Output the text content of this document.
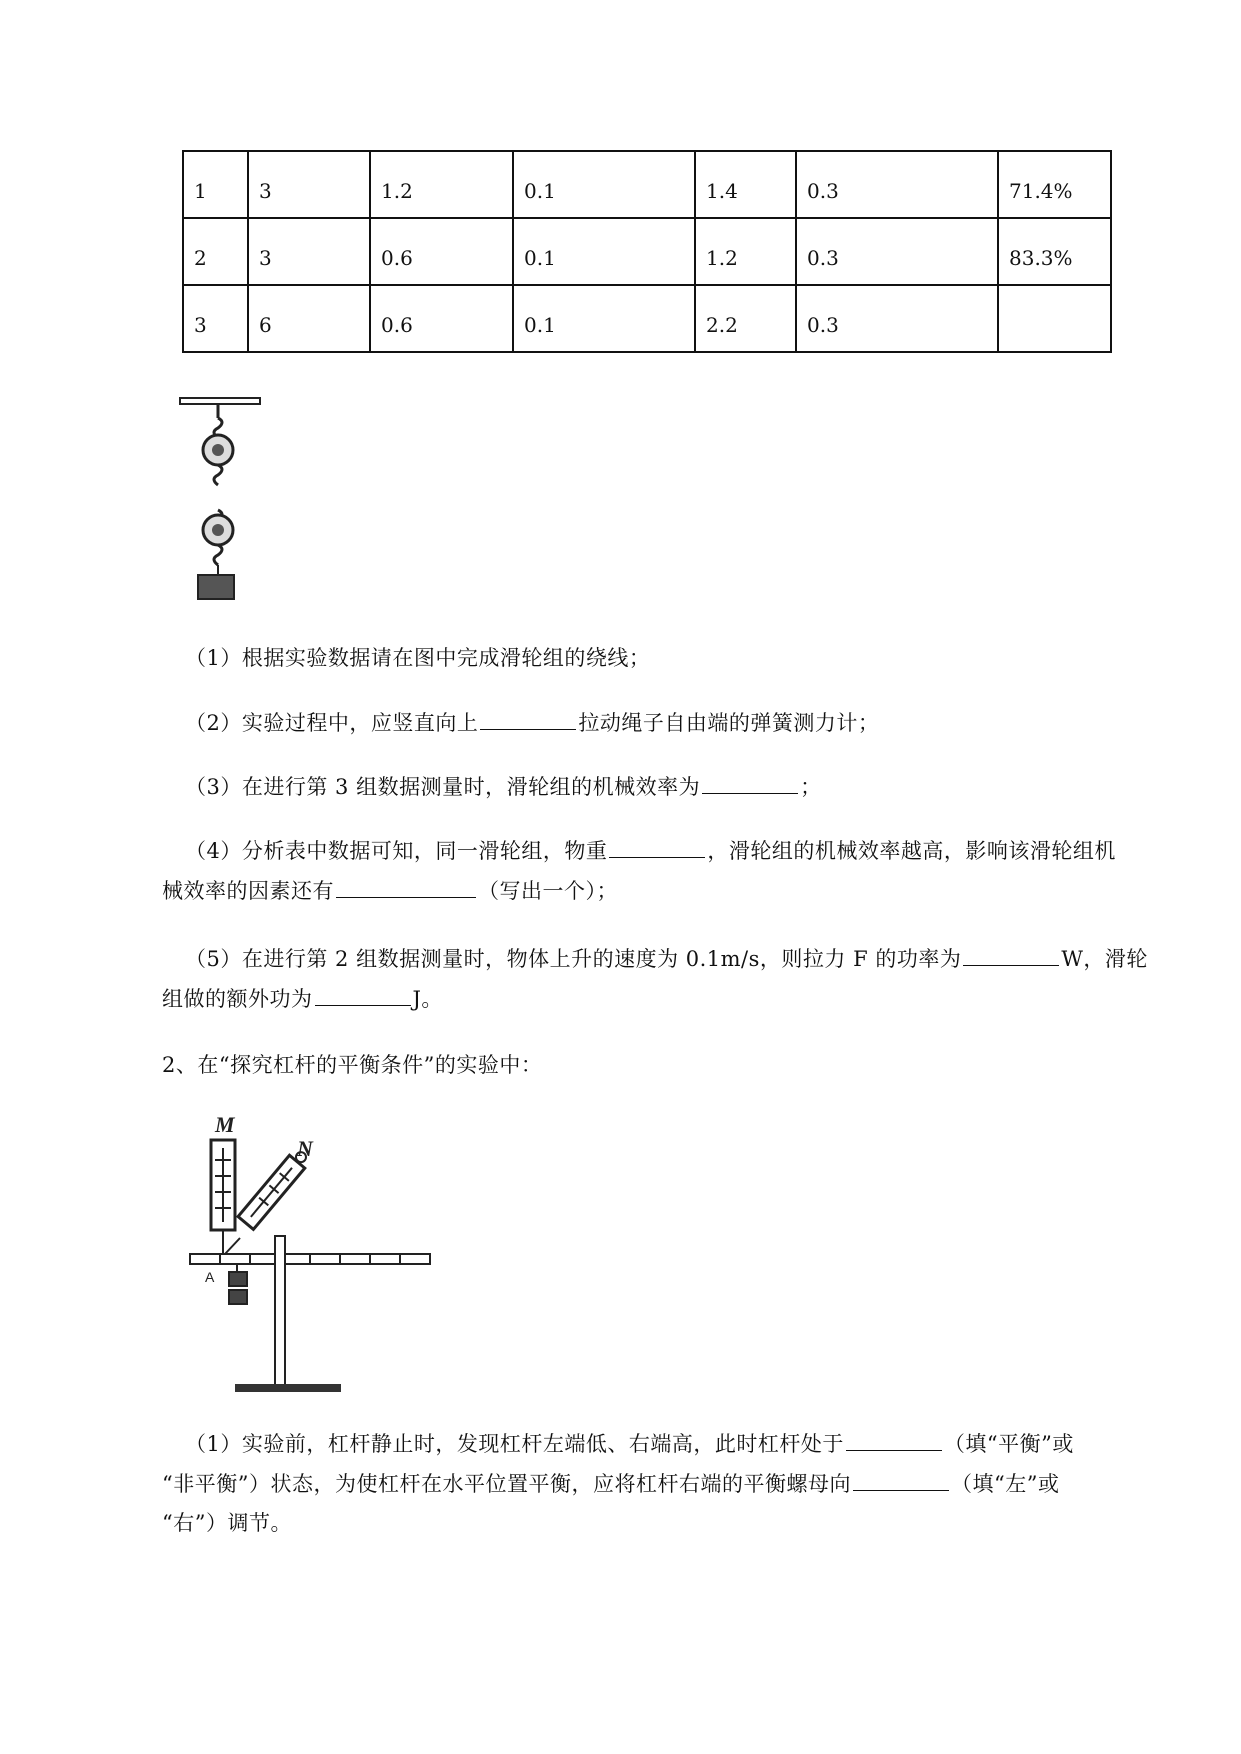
1	3	1.2	0.1	1.4	0.3	71.4%
2	3	0.6	0.1	1.2	0.3	83.3%
3	6	0.6	0.1	2.2	0.3	
（1）根据实验数据请在图中完成滑轮组的绕线；
（2）实验过程中，应竖直向上	拉动绳子自由端的弹簧测力计；
（3）在进行第 3 组数据测量时，滑轮组的机械效率为	；
（4）分析表中数据可知，同一滑轮组，物重	，滑轮组的机械效率越高，影响该滑轮组机
械效率的因素还有	（写出一个）；
（5）在进行第 2 组数据测量时，物体上升的速度为 0.1m/s，则拉力 F 的功率为	W，滑轮
组做的额外功为	J。
2、在“探究杠杆的平衡条件”的实验中：
M
N
A
（1）实验前，杠杆静止时，发现杠杆左端低、右端高，此时杠杆处于	（填“平衡”或
“非平衡”）状态，为使杠杆在水平位置平衡，应将杠杆右端的平衡螺母向	（填“左”或
“右”）调节。
